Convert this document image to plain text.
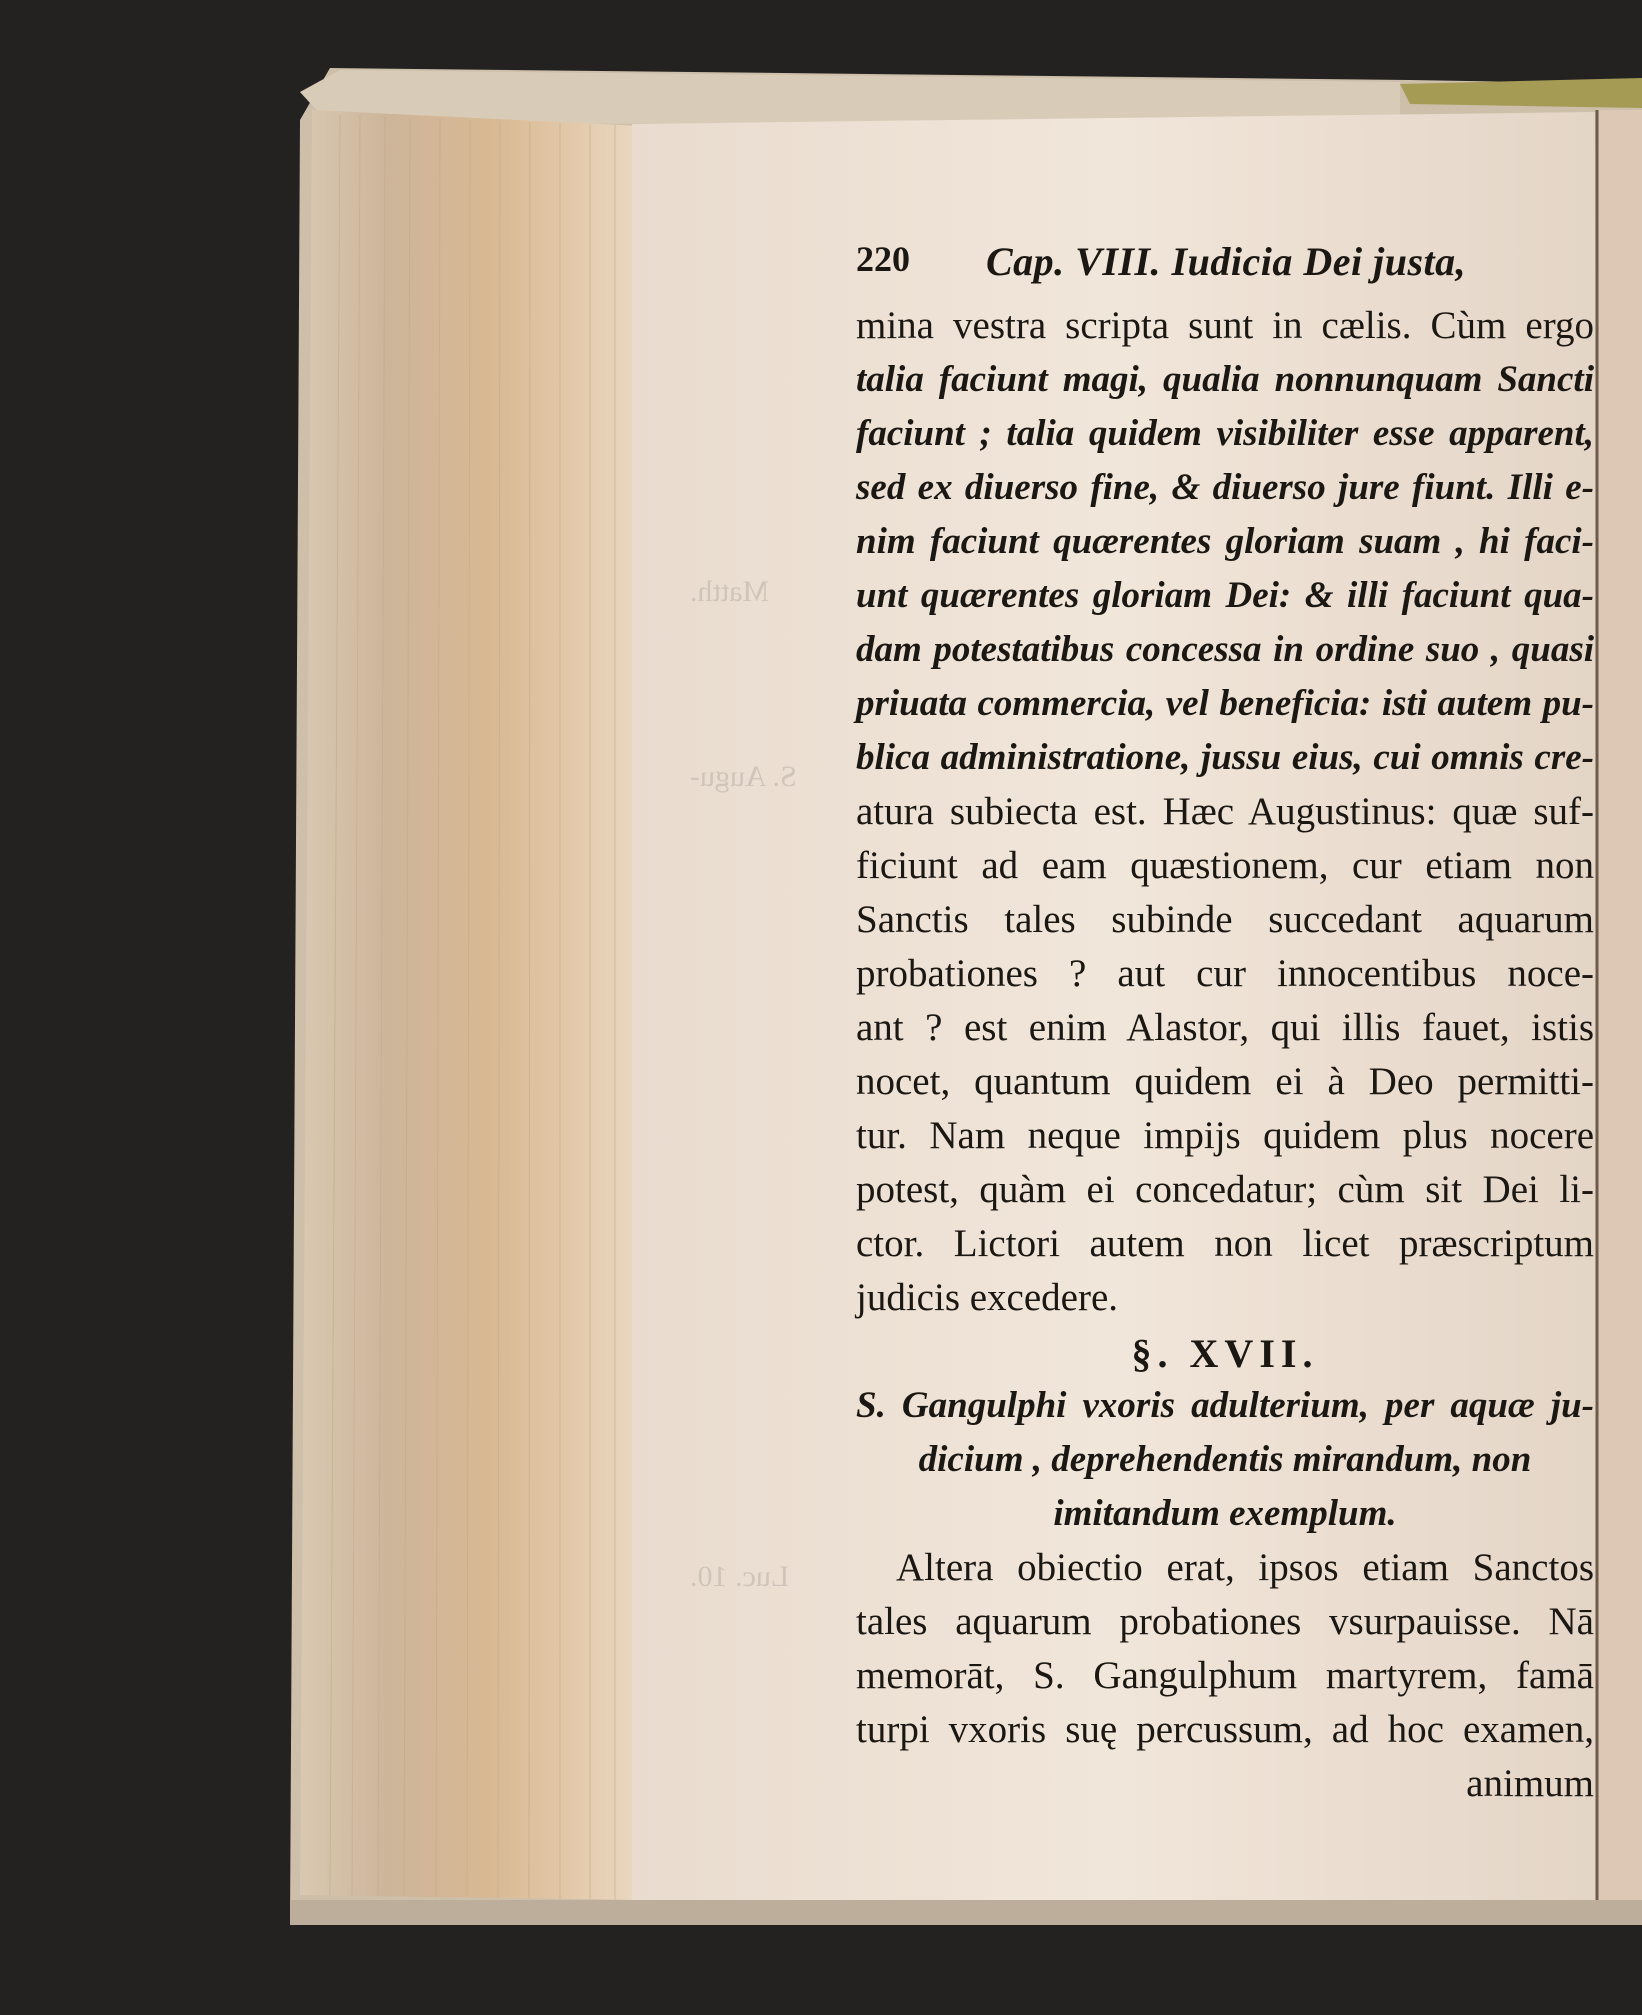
Matth.
S. Augu-
Luc. 10.
220 Cap. VIII. Iudicia Dei justa,
mina vestra scripta sunt in cælis. Cùm ergo
talia faciunt magi, qualia nonnunquam Sancti
faciunt ; talia quidem visibiliter esse apparent,
sed ex diuerso fine, & diuerso jure fiunt. Illi e-
nim faciunt quærentes gloriam suam , hi faci-
unt quærentes gloriam Dei: & illi faciunt qua-
dam potestatibus concessa in ordine suo , quasi
priuata commercia, vel beneficia: isti autem pu-
blica administratione, jussu eius, cui omnis cre-
atura subiecta est. Hæc Augustinus: quæ suf-
ficiunt ad eam quæstionem, cur etiam non
Sanctis tales subinde succedant aquarum
probationes ? aut cur innocentibus noce-
ant ? est enim Alastor, qui illis fauet, istis
nocet, quantum quidem ei à Deo permitti-
tur. Nam neque impijs quidem plus nocere
potest, quàm ei concedatur; cùm sit Dei li-
ctor. Lictori autem non licet præscriptum
judicis excedere.
§. XVII.
S. Gangulphi vxoris adulterium, per aquæ ju-
dicium , deprehendentis mirandum, non
imitandum exemplum.
Altera obiectio erat, ipsos etiam Sanctos
tales aquarum probationes vsurpauisse. Nā
memorāt, S. Gangulphum martyrem, famā
turpi vxoris suę percussum, ad hoc examen,
animum
